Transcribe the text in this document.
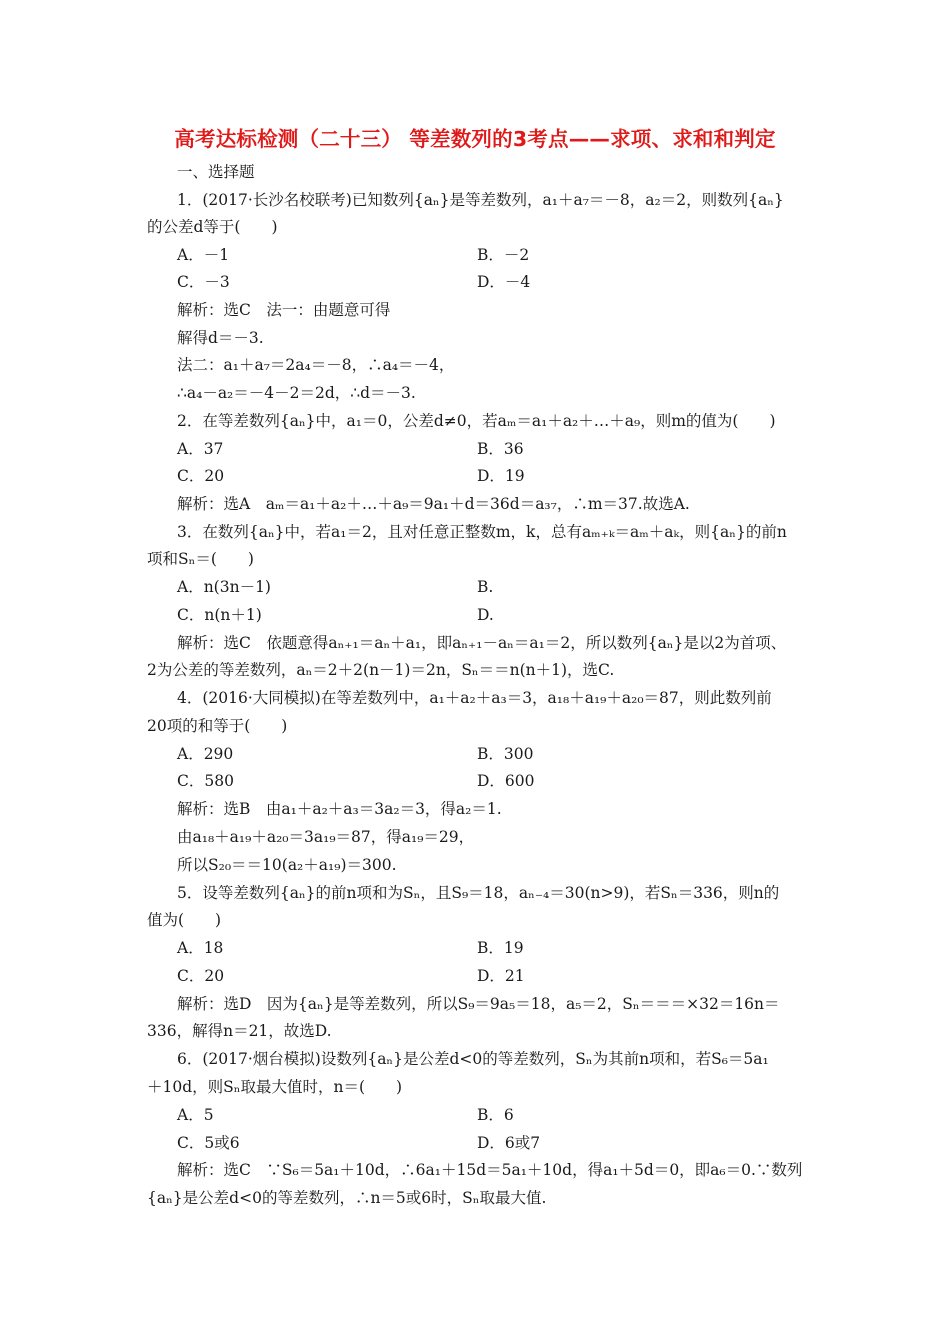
高考达标检测（二十三） 等差数列的3考点——求项、求和和判定
一、选择题
1．(2017·长沙名校联考)已知数列{aₙ}是等差数列，a₁＋a₇＝－8，a₂＝2，则数列{aₙ}
的公差d等于(　　)
A．－1	B．－2
C．－3	D．－4
解析：选C　法一：由题意可得
解得d＝－3.
法二：a₁＋a₇＝2a₄＝－8，∴a₄＝－4，
∴a₄－a₂＝－4－2＝2d，∴d＝－3.
2．在等差数列{aₙ}中，a₁＝0，公差d≠0，若aₘ＝a₁＋a₂＋…＋a₉，则m的值为(　　)
A．37	B．36
C．20	D．19
解析：选A　aₘ＝a₁＋a₂＋…＋a₉＝9a₁＋d＝36d＝a₃₇，∴m＝37.故选A.
3．在数列{aₙ}中，若a₁＝2，且对任意正整数m，k，总有aₘ₊ₖ＝aₘ＋aₖ，则{aₙ}的前n
项和Sₙ＝(　　)
A．n(3n－1)	B.
C．n(n＋1)	D.
解析：选C　依题意得aₙ₊₁＝aₙ＋a₁，即aₙ₊₁－aₙ＝a₁＝2，所以数列{aₙ}是以2为首项、
2为公差的等差数列，aₙ＝2＋2(n－1)＝2n，Sₙ＝＝n(n＋1)，选C.
4．(2016·大同模拟)在等差数列中，a₁＋a₂＋a₃＝3，a₁₈＋a₁₉＋a₂₀＝87，则此数列前
20项的和等于(　　)
A．290	B．300
C．580	D．600
解析：选B　由a₁＋a₂＋a₃＝3a₂＝3，得a₂＝1.
由a₁₈＋a₁₉＋a₂₀＝3a₁₉＝87，得a₁₉＝29，
所以S₂₀＝＝10(a₂＋a₁₉)＝300.
5．设等差数列{aₙ}的前n项和为Sₙ，且S₉＝18，aₙ₋₄＝30(n>9)，若Sₙ＝336，则n的
值为(　　)
A．18	B．19
C．20	D．21
解析：选D　因为{aₙ}是等差数列，所以S₉＝9a₅＝18，a₅＝2，Sₙ＝＝＝×32＝16n＝
336，解得n＝21，故选D.
6．(2017·烟台模拟)设数列{aₙ}是公差d<0的等差数列，Sₙ为其前n项和，若S₆＝5a₁
＋10d，则Sₙ取最大值时，n＝(　　)
A．5	B．6
C．5或6	D．6或7
解析：选C　∵S₆＝5a₁＋10d，∴6a₁＋15d＝5a₁＋10d，得a₁＋5d＝0，即a₆＝0.∵数列
{aₙ}是公差d<0的等差数列，∴n＝5或6时，Sₙ取最大值.
